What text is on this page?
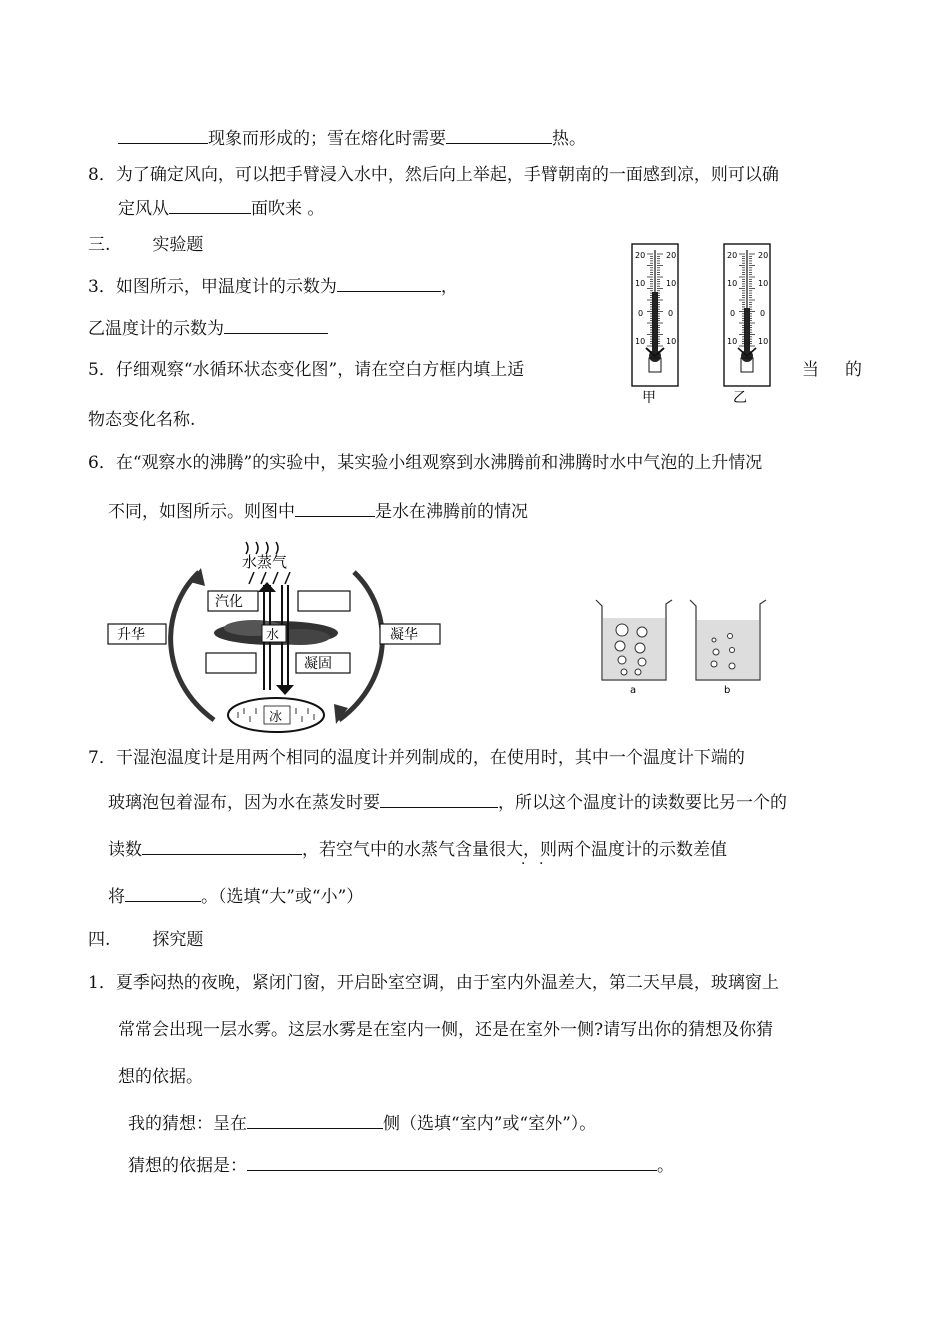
现象而形成的；雪在熔化时需要	热。
8．为了确定风向，可以把手臂浸入水中，然后向上举起，手臂朝南的一面感到凉，则可以确
定风从	面吹来 。
三. 实验题
3．如图所示，甲温度计的示数为	，
乙温度计的示数为
5．仔细观察“水循环状态变化图”，请在空白方框内填上适	当 的
物态变化名称.
甲	乙
20	20
10	10
0	0
10	10
20	20
10	10
0	0
10	10
6．在“观察水的沸腾”的实验中，某实验小组观察到水沸腾前和沸腾时水中气泡的上升情况
不同，如图所示。则图中	是水在沸腾前的情况
水蒸气
汽化
升华	凝华
水
凝固
冰
a	b
7．干湿泡温度计是用两个相同的温度计并列制成的，在使用时，其中一个温度计下端的
玻璃泡包着湿布，因为水在蒸发时要	，所以这个温度计的读数要比另一个的
读数	，若空气中的水蒸气含量很大，则两个温度计的示数差值
· ·
将	。（选填“大”或“小”）
四. 探究题
1．夏季闷热的夜晚，紧闭门窗，开启卧室空调，由于室内外温差大，第二天早晨，玻璃窗上
常常会出现一层水雾。这层水雾是在室内一侧，还是在室外一侧?请写出你的猜想及你猜
想的依据。
我的猜想：呈在	侧（选填“室内”或“室外”）。
猜想的依据是：	。
